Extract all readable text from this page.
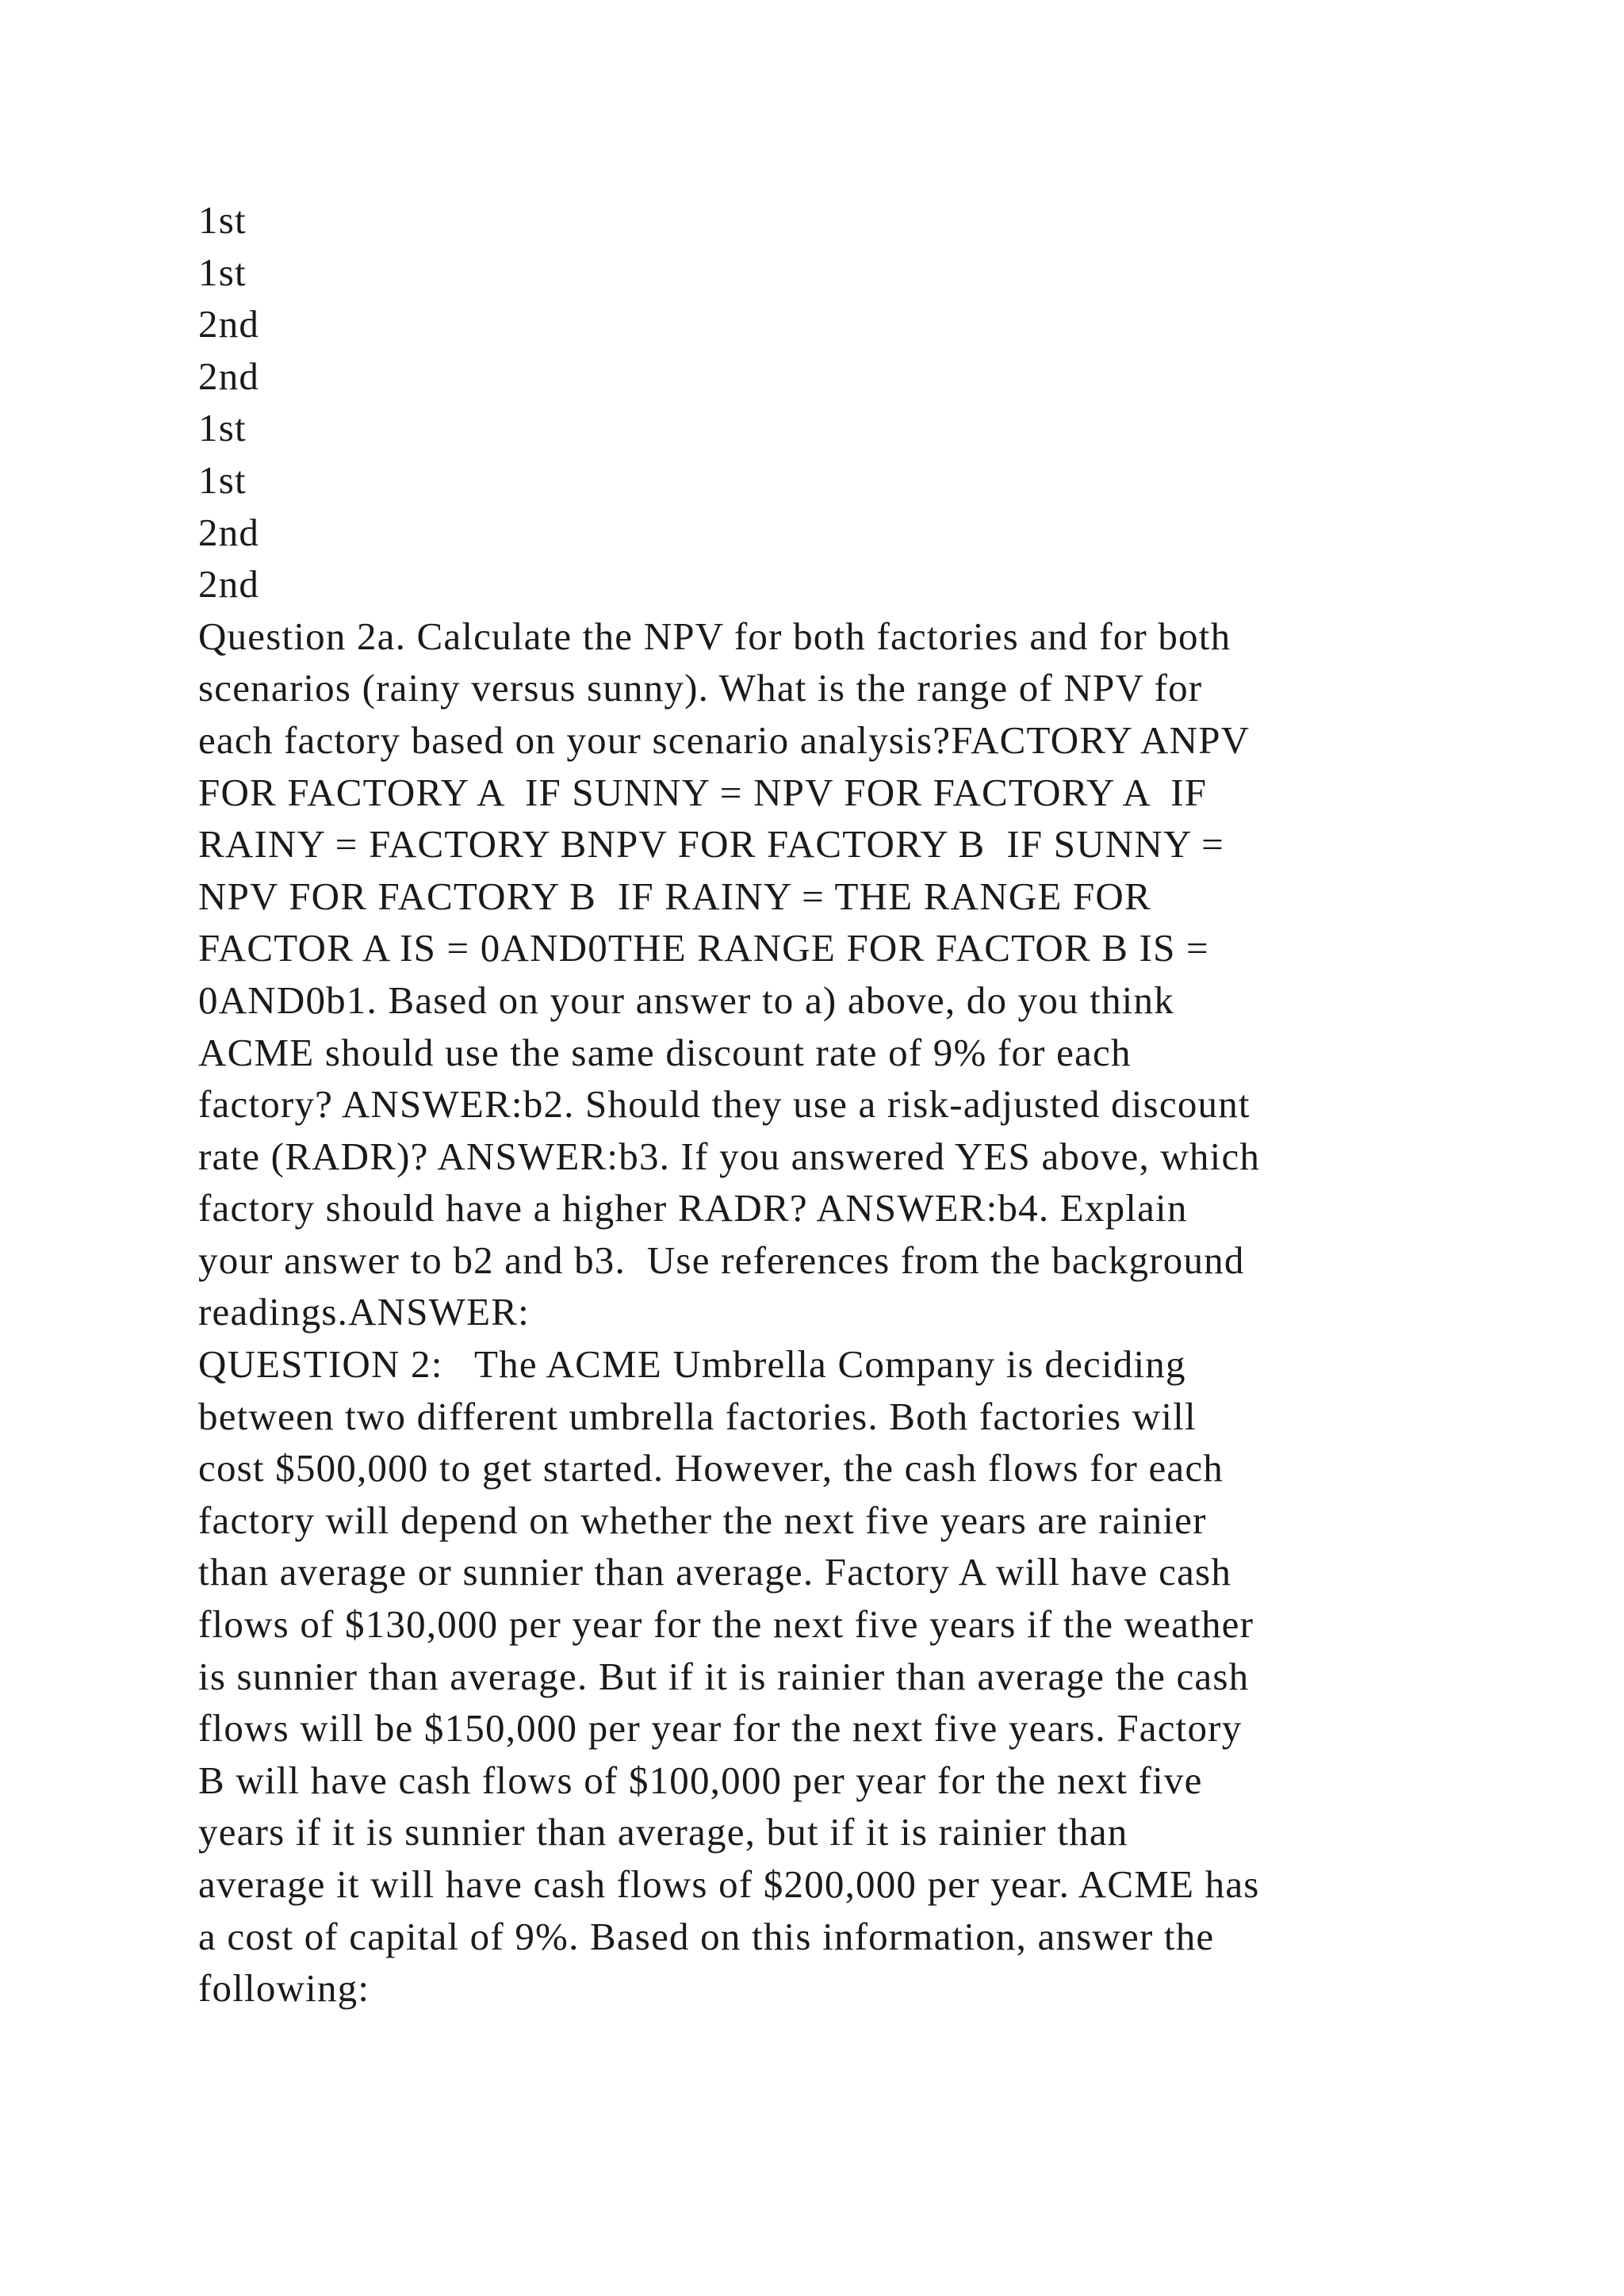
1st
1st
2nd
2nd
1st
1st
2nd
2nd
Question 2a. Calculate the NPV for both factories and for both
scenarios (rainy versus sunny). What is the range of NPV for
each factory based on your scenario analysis?FACTORY ANPV
FOR FACTORY A  IF SUNNY = NPV FOR FACTORY A  IF
RAINY = FACTORY BNPV FOR FACTORY B  IF SUNNY =
NPV FOR FACTORY B  IF RAINY = THE RANGE FOR
FACTOR A IS = 0AND0THE RANGE FOR FACTOR B IS =
0AND0b1. Based on your answer to a) above, do you think
ACME should use the same discount rate of 9% for each
factory? ANSWER:b2. Should they use a risk-adjusted discount
rate (RADR)? ANSWER:b3. If you answered YES above, which
factory should have a higher RADR? ANSWER:b4. Explain
your answer to b2 and b3.  Use references from the background
readings.ANSWER:
QUESTION 2:   The ACME Umbrella Company is deciding
between two different umbrella factories. Both factories will
cost $500,000 to get started. However, the cash flows for each
factory will depend on whether the next five years are rainier
than average or sunnier than average. Factory A will have cash
flows of $130,000 per year for the next five years if the weather
is sunnier than average. But if it is rainier than average the cash
flows will be $150,000 per year for the next five years. Factory
B will have cash flows of $100,000 per year for the next five
years if it is sunnier than average, but if it is rainier than
average it will have cash flows of $200,000 per year. ACME has
a cost of capital of 9%. Based on this information, answer the
following:
